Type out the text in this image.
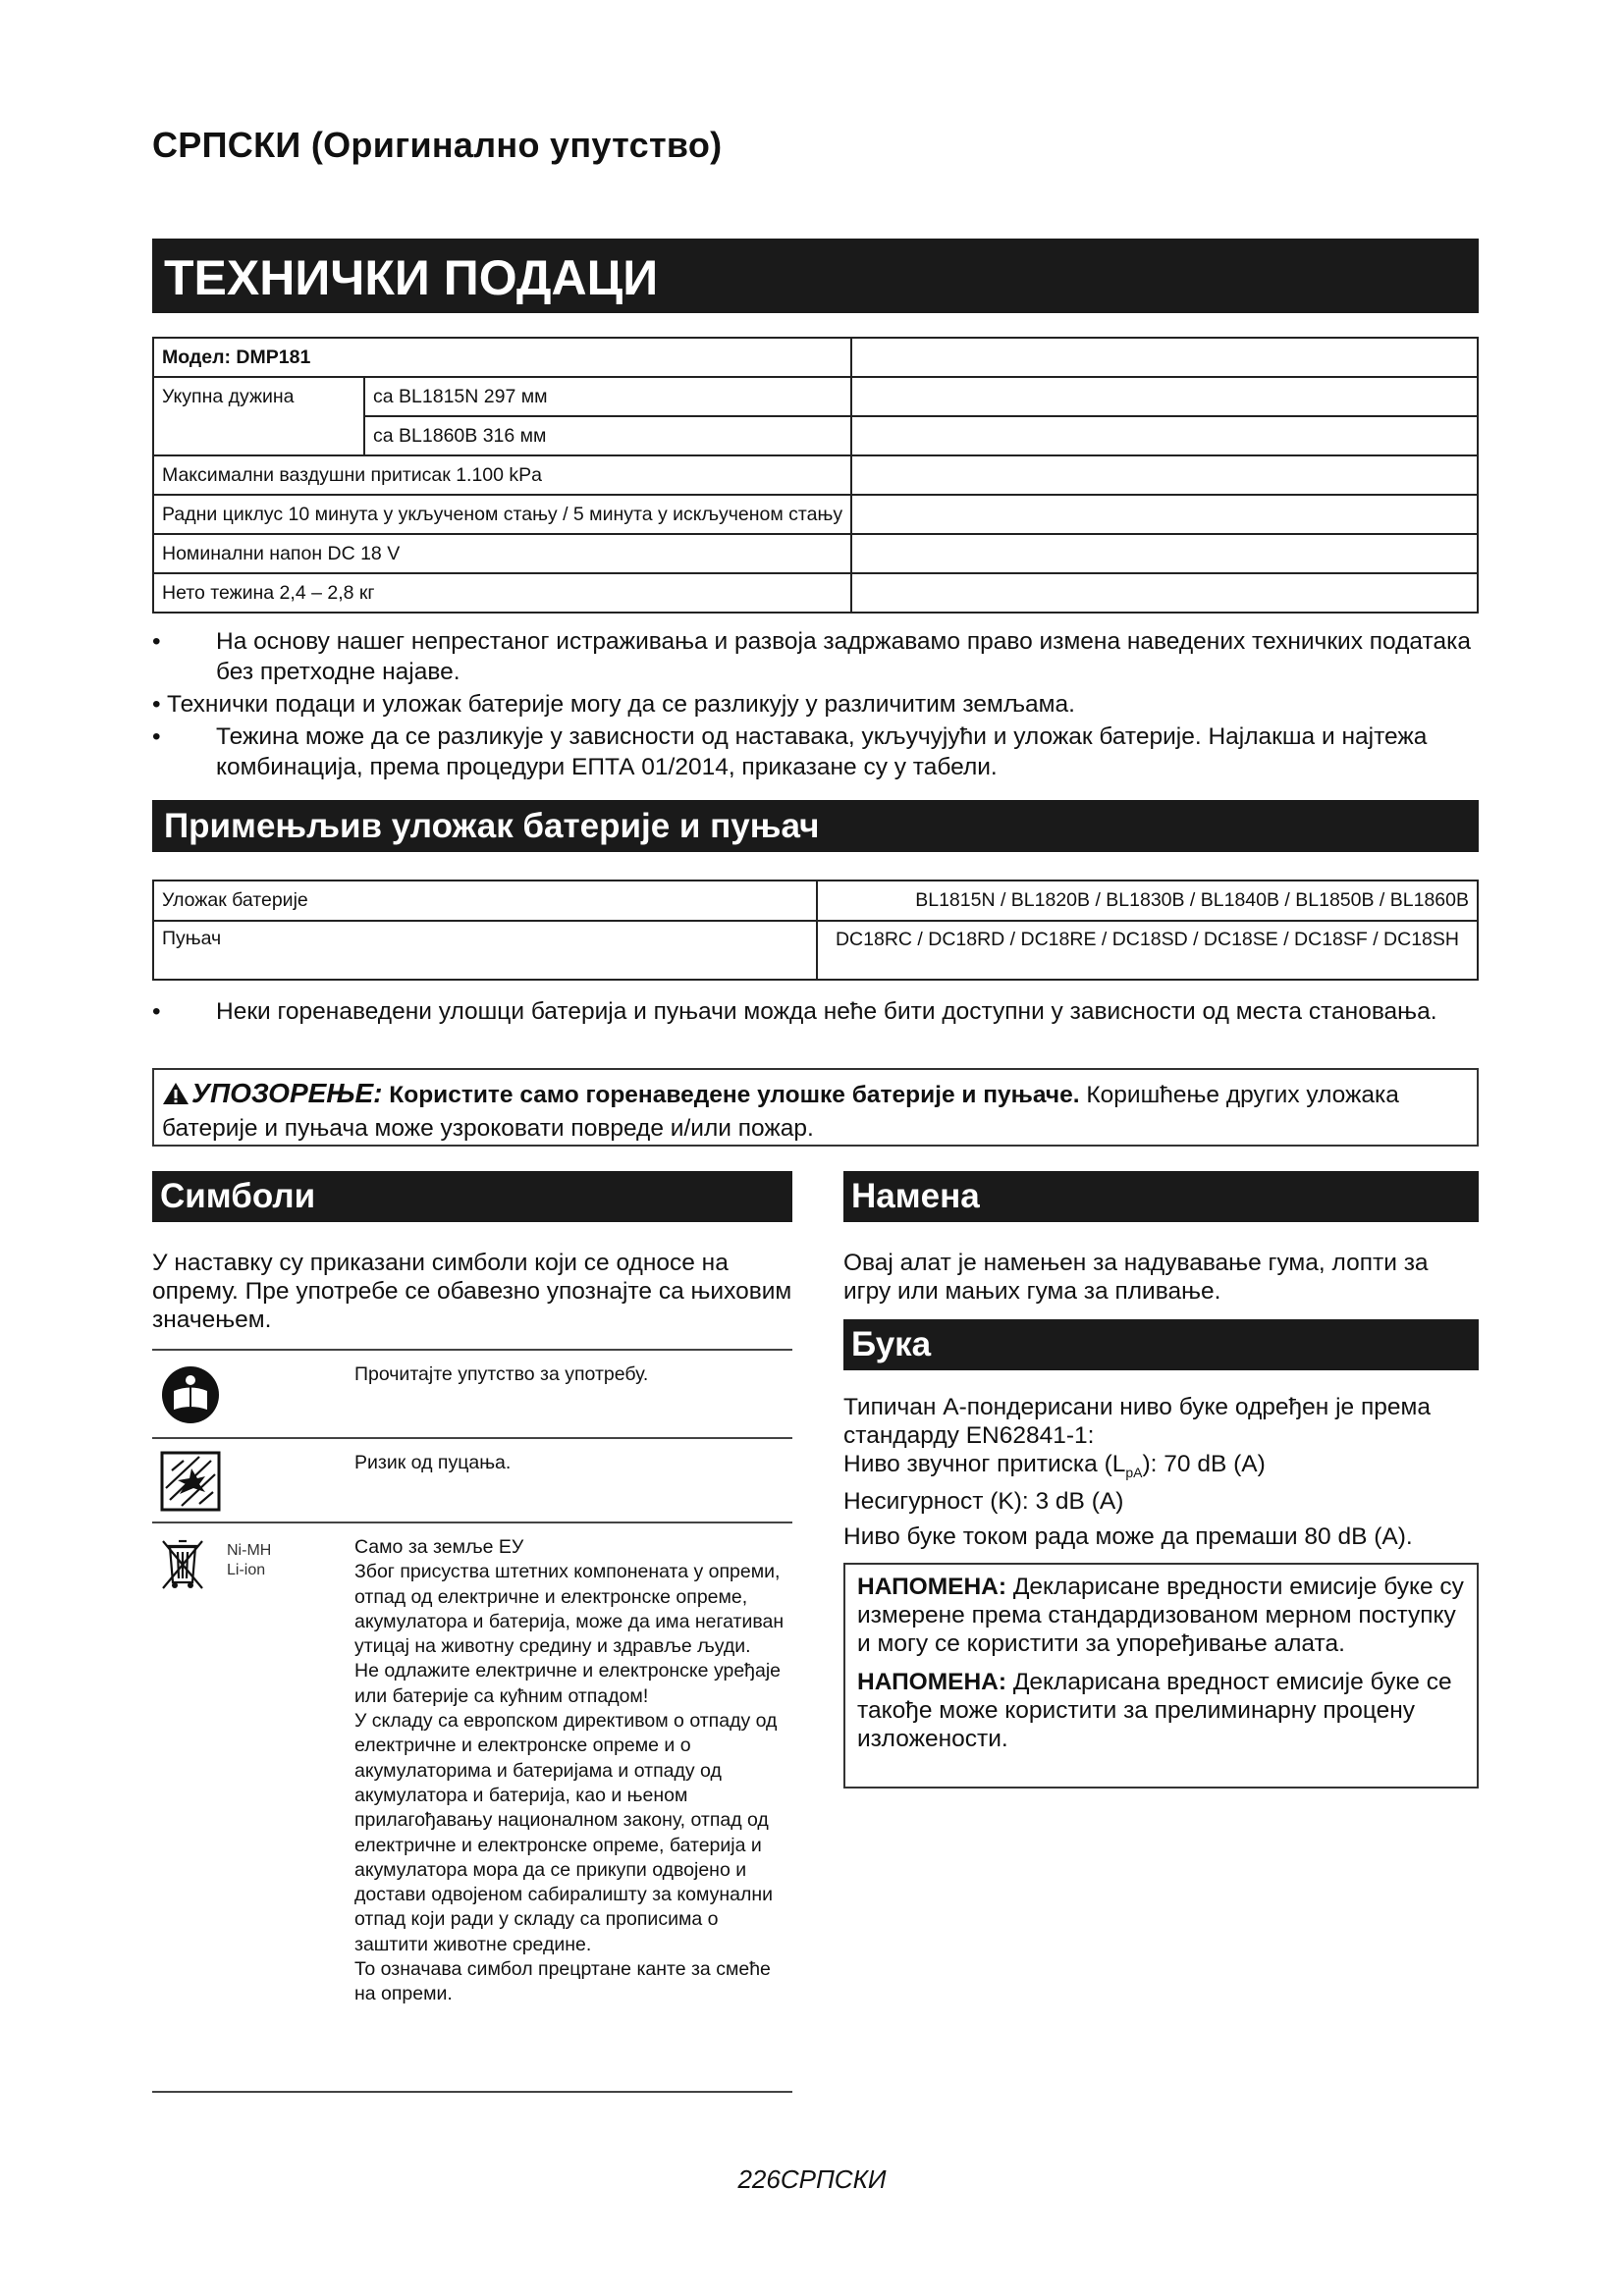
СРПСКИ (Оригинално упутство)
ТЕХНИЧКИ ПОДАЦИ
Модел: DMP181		
Укупна дужина	са BL1815N 297 мм	
	са BL1860B 316 мм	
Максимални ваздушни притисак 1.100 kPa		
Радни циклус 10 минута у укљученом стању / 5 минута у искљученом стању		
Номинални напон DC 18 V		
Нето тежина 2,4 – 2,8 кг		
• На основу нашег непрестаног истраживања и развоја задржавамо право измена наведених техничких података без претходне најаве.
• Технички подаци и уложак батерије могу да се разликују у различитим земљама.
• Тежина може да се разликује у зависности од наставака, укључујући и уложак батерије. Најлакша и најтежа комбинација, према процедури ЕПТА 01/2014, приказане су у табели.
Примењљив уложак батерије и пуњач
Уложак батерије	BL1815N / BL1820B / BL1830B / BL1840B / BL1850B / BL1860B
Пуњач	DC18RC / DC18RD / DC18RE / DC18SD / DC18SE / DC18SF / DC18SH
• Неки горенаведени улошци батерија и пуњачи можда неће бити доступни у зависности од места становања.
УПОЗОРЕЊЕ: Користите само горенаведене улошке батерије и пуњаче. Коришћење других уложака батерије и пуњача може узроковати повреде и/или пожар.
Симболи
У наставку су приказани симболи који се односе на опрему. Пре употребе се обавезно упознајте са њиховим значењем.
Прочитајте упутство за употребу.
Ризик од пуцања.
Ni-MH
Li-ion
Само за земље ЕУ
Због присуства штетних компонената у опреми, отпад од електричне и електронске опреме, акумулатора и батерија, може да има негативан утицај на животну средину и здравље људи.
Не одлажите електричне и електронске уређаје или батерије са кућним отпадом!
У складу са европском директивом о отпаду од електричне и електронске опреме и о акумулаторима и батеријама и отпаду од акумулатора и батерија, као и њеном прилагођавању националном закону, отпад од електричне и електронске опреме, батерија и акумулатора мора да се прикупи одвојено и достави одвојеном сабиралишту за комунални отпад који ради у складу са прописима о заштити животне средине.
То означава симбол прецртане канте за смеће на опреми.
Намена
Овај алат је намењен за надувавање гума, лопти за игру или мањих гума за пливање.
Бука
Типичан А-пондерисани ниво буке одређен је према стандарду EN62841-1:
Ниво звучног притиска $(L_{pA})$: 70 dB (A)
Несигурност (K): 3 dB (A)
Ниво буке током рада може да премаши 80 dB (A).

НАПОМЕНА: Декларисане вредности емисије буке су измерене према стандардизованом мерном поступку и могу се користити за упоређивање алата.

НАПОМЕНА: Декларисана вредност емисије буке се такође може користити за прелиминарну процену изложености.

226СРПСКИ
